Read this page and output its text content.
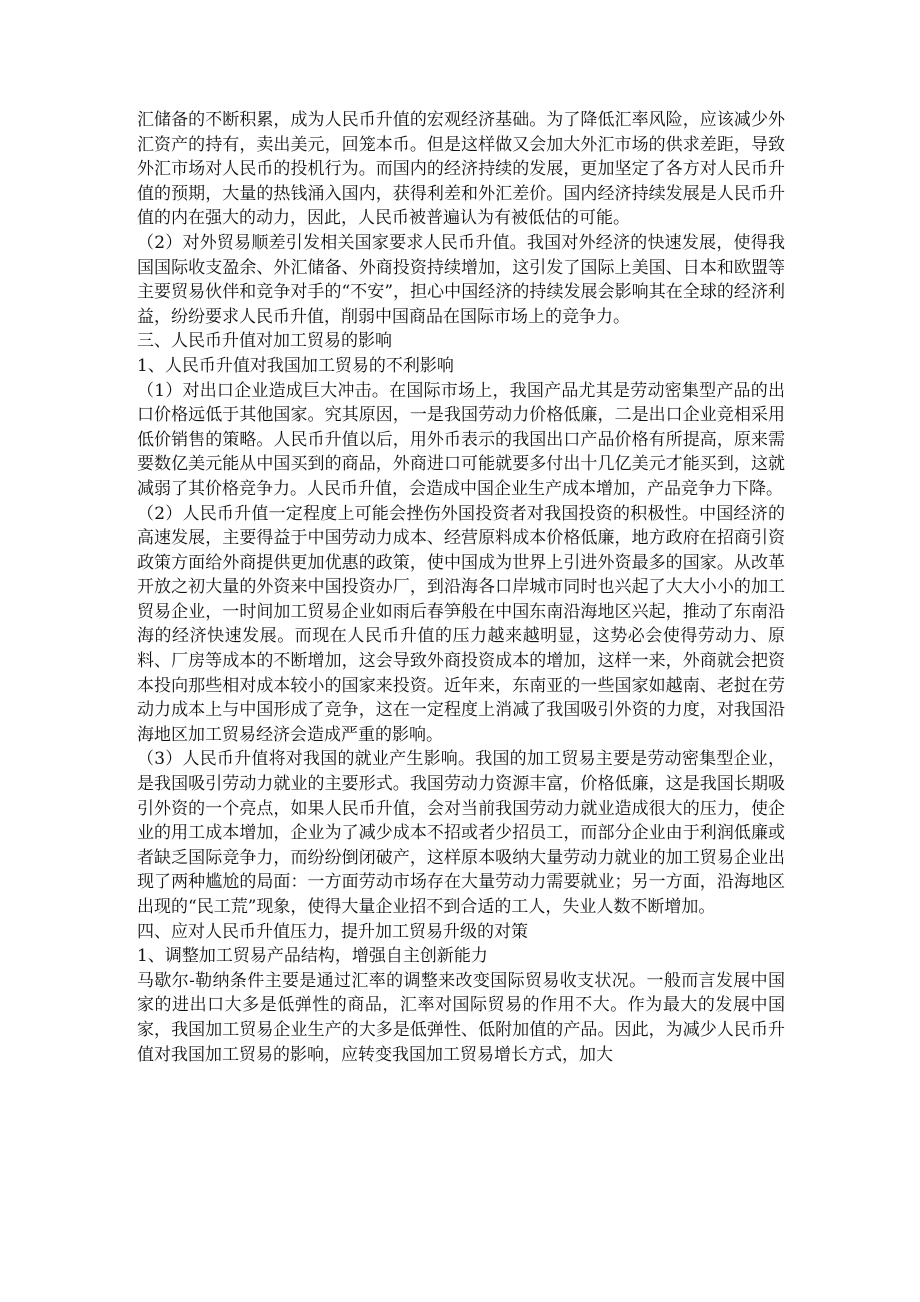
汇储备的不断积累，成为人民币升值的宏观经济基础。为了降低汇率风险，应该减少外汇资产的持有，卖出美元，回笼本币。但是这样做又会加大外汇市场的供求差距，导致外汇市场对人民币的投机行为。而国内的经济持续的发展，更加坚定了各方对人民币升值的预期，大量的热钱涌入国内，获得利差和外汇差价。国内经济持续发展是人民币升值的内在强大的动力，因此，人民币被普遍认为有被低估的可能。

（2）对外贸易顺差引发相关国家要求人民币升值。我国对外经济的快速发展，使得我国国际收支盈余、外汇储备、外商投资持续增加，这引发了国际上美国、日本和欧盟等主要贸易伙伴和竞争对手的“不安”，担心中国经济的持续发展会影响其在全球的经济利益，纷纷要求人民币升值，削弱中国商品在国际市场上的竞争力。

三、人民币升值对加工贸易的影响

1、人民币升值对我国加工贸易的不利影响

（1）对出口企业造成巨大冲击。在国际市场上，我国产品尤其是劳动密集型产品的出口价格远低于其他国家。究其原因，一是我国劳动力价格低廉，二是出口企业竞相采用低价销售的策略。人民币升值以后，用外币表示的我国出口产品价格有所提高，原来需要数亿美元能从中国买到的商品，外商进口可能就要多付出十几亿美元才能买到，这就减弱了其价格竞争力。人民币升值，会造成中国企业生产成本增加，产品竞争力下降。

（2）人民币升值一定程度上可能会挫伤外国投资者对我国投资的积极性。中国经济的高速发展，主要得益于中国劳动力成本、经营原料成本价格低廉，地方政府在招商引资政策方面给外商提供更加优惠的政策，使中国成为世界上引进外资最多的国家。从改革开放之初大量的外资来中国投资办厂，到沿海各口岸城市同时也兴起了大大小小的加工贸易企业，一时间加工贸易企业如雨后春笋般在中国东南沿海地区兴起，推动了东南沿海的经济快速发展。而现在人民币升值的压力越来越明显，这势必会使得劳动力、原料、厂房等成本的不断增加，这会导致外商投资成本的增加，这样一来，外商就会把资本投向那些相对成本较小的国家来投资。近年来，东南亚的一些国家如越南、老挝在劳动力成本上与中国形成了竞争，这在一定程度上消减了我国吸引外资的力度，对我国沿海地区加工贸易经济会造成严重的影响。

（3）人民币升值将对我国的就业产生影响。我国的加工贸易主要是劳动密集型企业，是我国吸引劳动力就业的主要形式。我国劳动力资源丰富，价格低廉，这是我国长期吸引外资的一个亮点，如果人民币升值，会对当前我国劳动力就业造成很大的压力，使企业的用工成本增加，企业为了减少成本不招或者少招员工，而部分企业由于利润低廉或者缺乏国际竞争力，而纷纷倒闭破产，这样原本吸纳大量劳动力就业的加工贸易企业出现了两种尴尬的局面：一方面劳动市场存在大量劳动力需要就业；另一方面，沿海地区出现的“民工荒”现象，使得大量企业招不到合适的工人，失业人数不断增加。

四、应对人民币升值压力，提升加工贸易升级的对策

1、调整加工贸易产品结构，增强自主创新能力

马歇尔-勒纳条件主要是通过汇率的调整来改变国际贸易收支状况。一般而言发展中国家的进出口大多是低弹性的商品，汇率对国际贸易的作用不大。作为最大的发展中国家，我国加工贸易企业生产的大多是低弹性、低附加值的产品。因此，为减少人民币升值对我国加工贸易的影响，应转变我国加工贸易增长方式，加大
